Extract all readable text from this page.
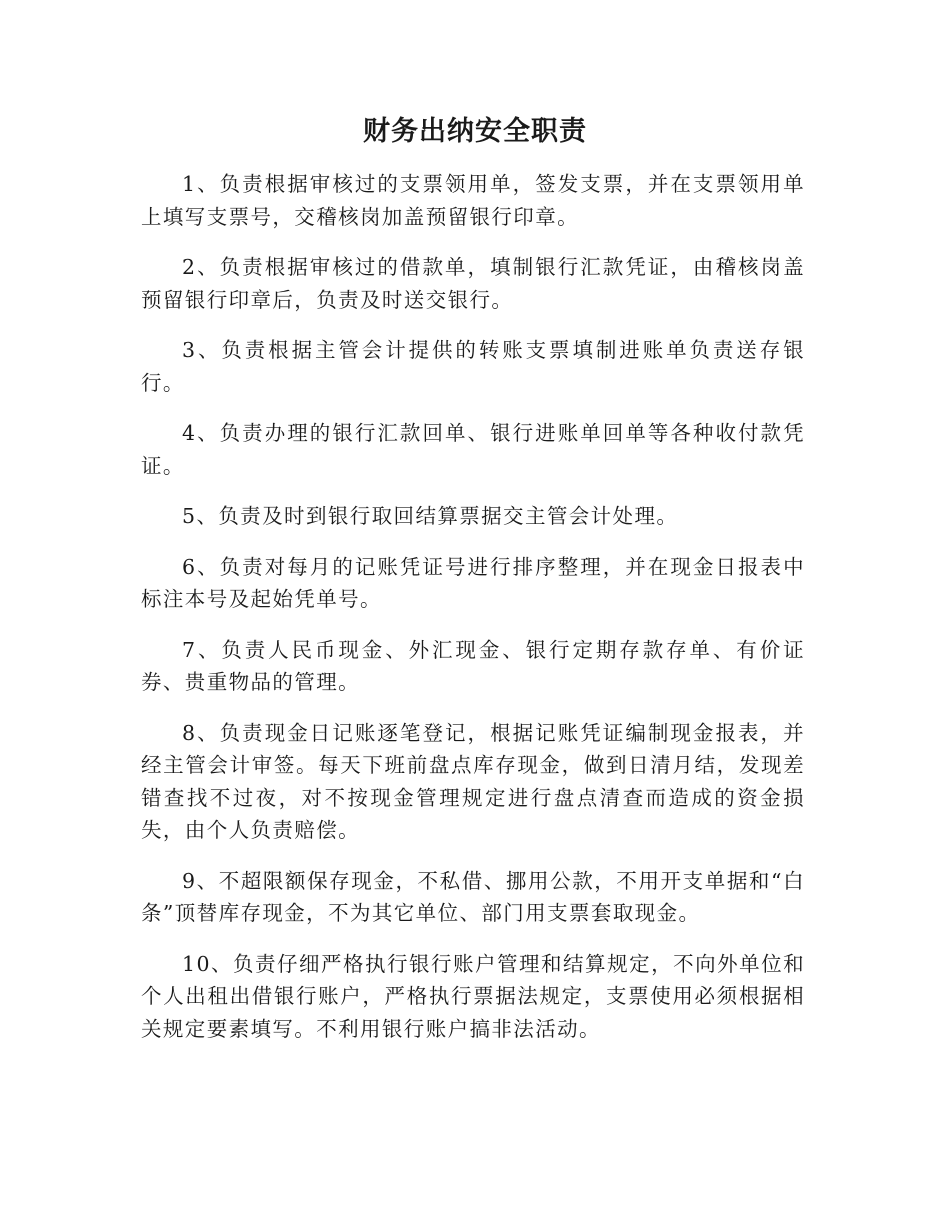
财务出纳安全职责

1、负责根据审核过的支票领用单，签发支票，并在支票领用单上填写支票号，交稽核岗加盖预留银行印章。

2、负责根据审核过的借款单，填制银行汇款凭证，由稽核岗盖预留银行印章后，负责及时送交银行。

3、负责根据主管会计提供的转账支票填制进账单负责送存银行。

4、负责办理的银行汇款回单、银行进账单回单等各种收付款凭证。

5、负责及时到银行取回结算票据交主管会计处理。

6、负责对每月的记账凭证号进行排序整理，并在现金日报表中标注本号及起始凭单号。

7、负责人民币现金、外汇现金、银行定期存款存单、有价证券、贵重物品的管理。

8、负责现金日记账逐笔登记，根据记账凭证编制现金报表，并经主管会计审签。每天下班前盘点库存现金，做到日清月结，发现差错查找不过夜，对不按现金管理规定进行盘点清查而造成的资金损失，由个人负责赔偿。

9、不超限额保存现金，不私借、挪用公款，不用开支单据和“白条”顶替库存现金，不为其它单位、部门用支票套取现金。

10、负责仔细严格执行银行账户管理和结算规定，不向外单位和个人出租出借银行账户，严格执行票据法规定，支票使用必须根据相关规定要素填写。不利用银行账户搞非法活动。
